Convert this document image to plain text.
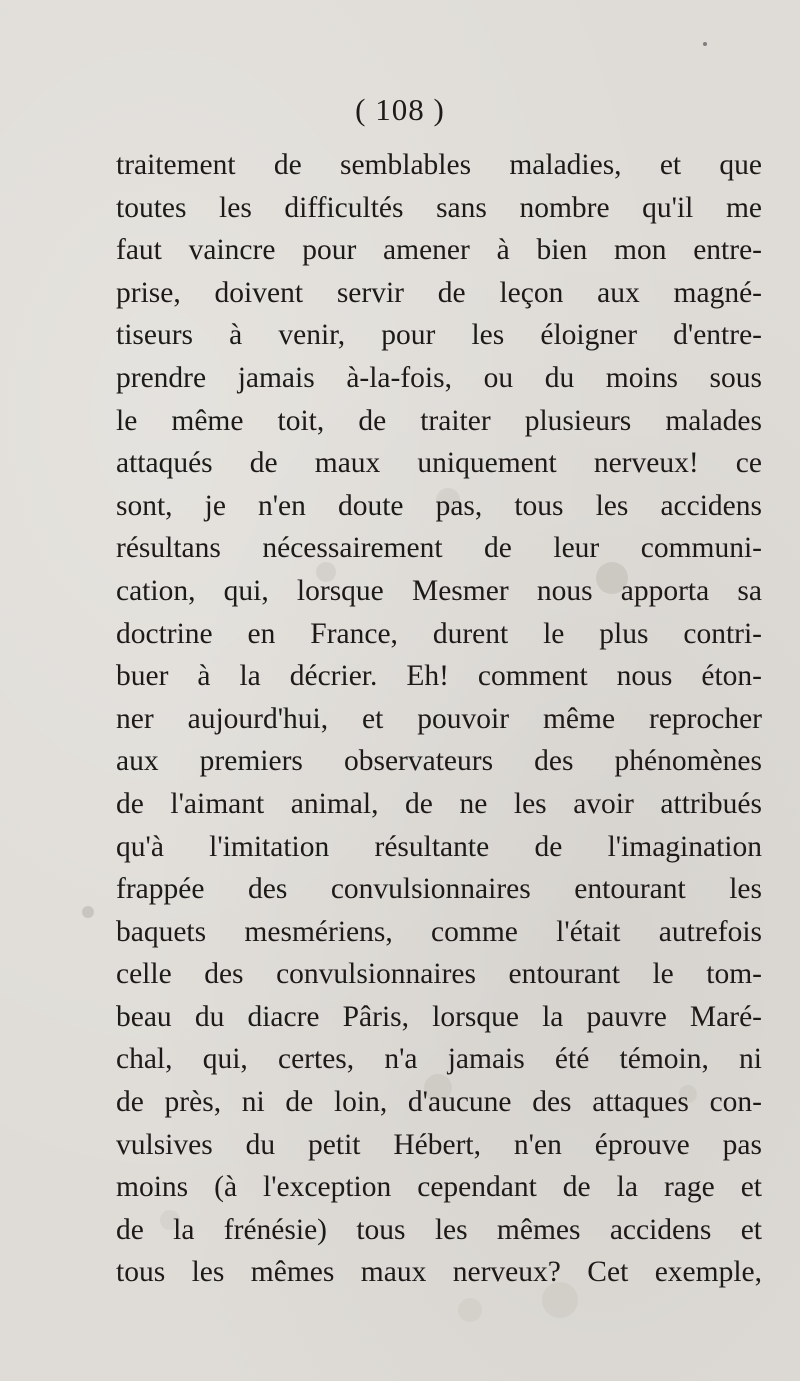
( 108 )
traitement de semblables maladies, et que
toutes les difficultés sans nombre qu'il me
faut vaincre pour amener à bien mon entre-
prise, doivent servir de leçon aux magné-
tiseurs à venir, pour les éloigner d'entre-
prendre jamais à-la-fois, ou du moins sous
le même toit, de traiter plusieurs malades
attaqués de maux uniquement nerveux! ce
sont, je n'en doute pas, tous les accidens
résultans nécessairement de leur communi-
cation, qui, lorsque Mesmer nous apporta sa
doctrine en France, durent le plus contri-
buer à la décrier. Eh! comment nous éton-
ner aujourd'hui, et pouvoir même reprocher
aux premiers observateurs des phénomènes
de l'aimant animal, de ne les avoir attribués
qu'à l'imitation résultante de l'imagination
frappée des convulsionnaires entourant les
baquets mesmériens, comme l'était autrefois
celle des convulsionnaires entourant le tom-
beau du diacre Pâris, lorsque la pauvre Maré-
chal, qui, certes, n'a jamais été témoin, ni
de près, ni de loin, d'aucune des attaques con-
vulsives du petit Hébert, n'en éprouve pas
moins (à l'exception cependant de la rage et
de la frénésie) tous les mêmes accidens et
tous les mêmes maux nerveux? Cet exemple,
